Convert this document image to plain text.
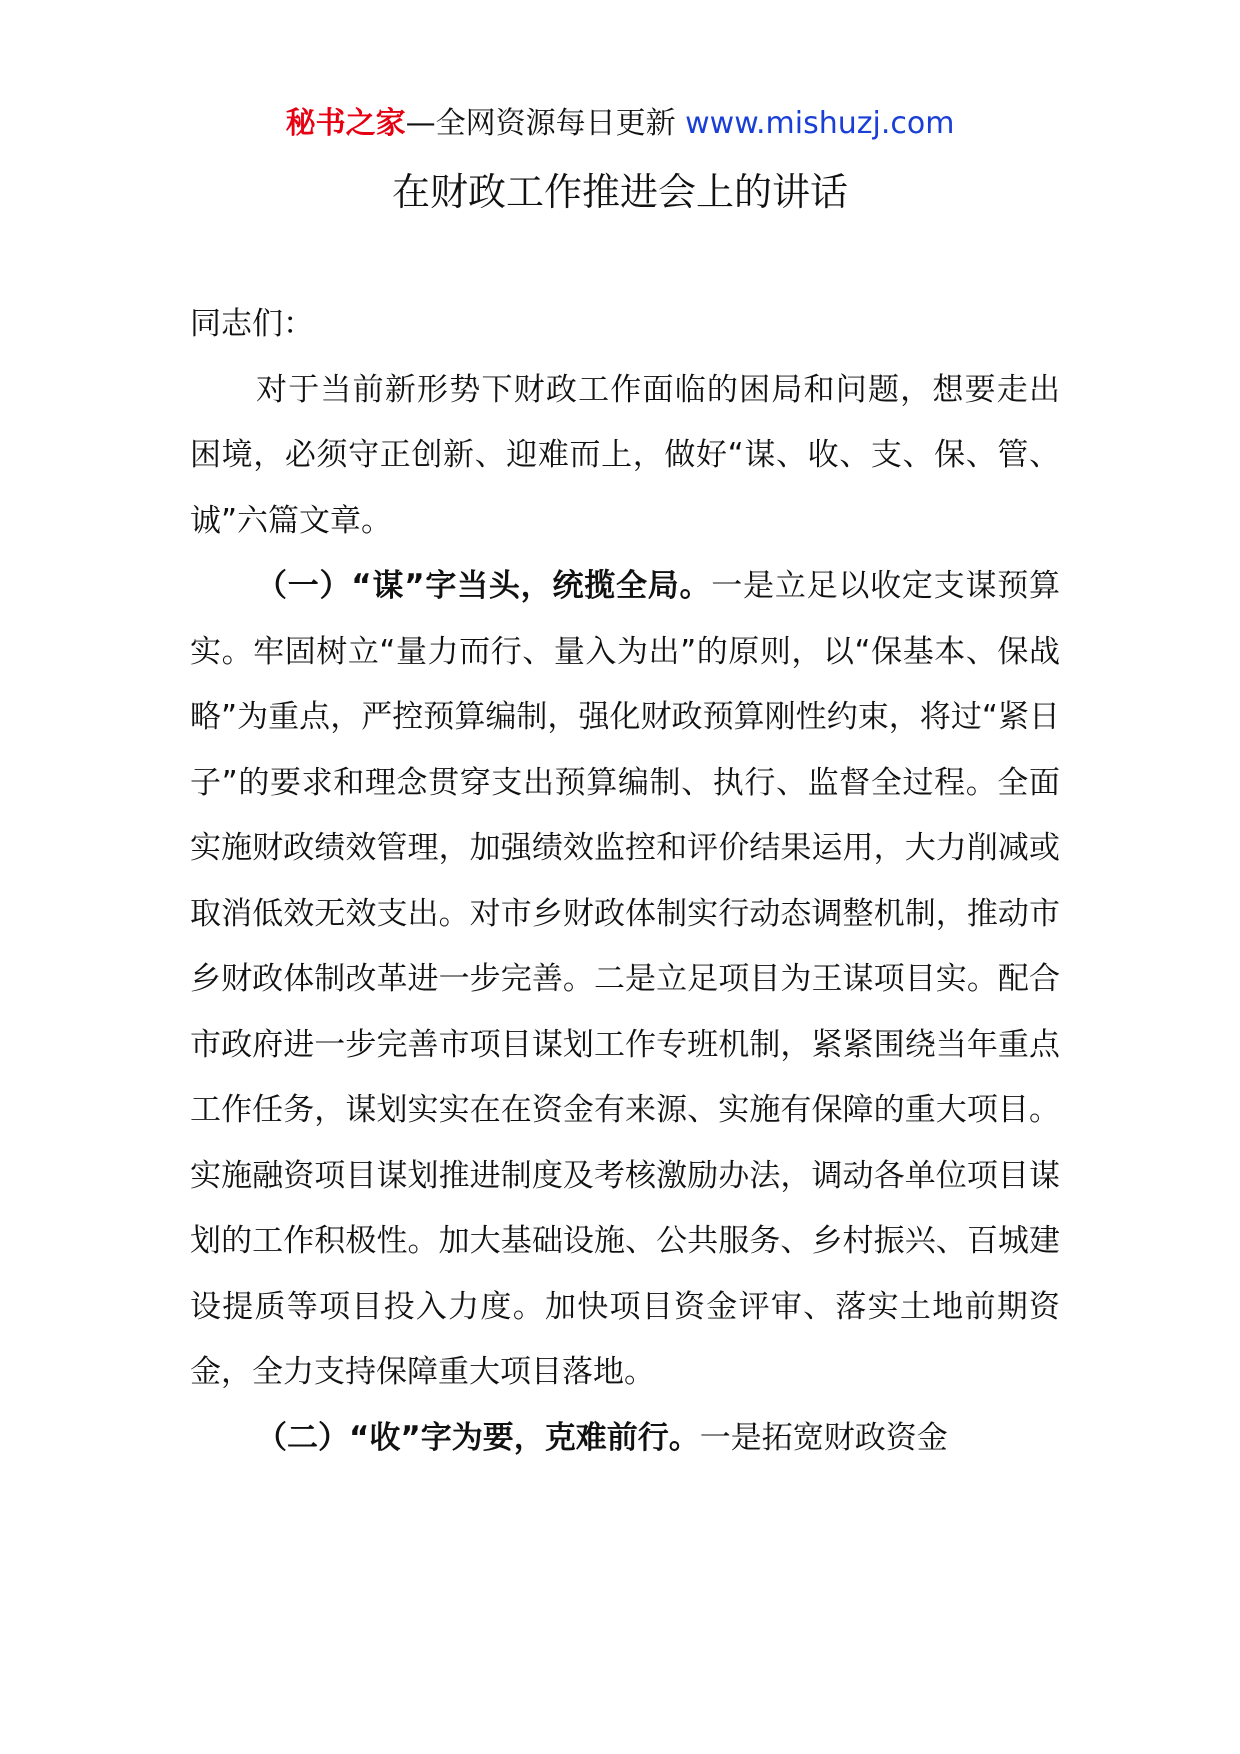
秘书之家—全网资源每日更新 www.mishuzj.com
在财政工作推进会上的讲话

同志们：

对于当前新形势下财政工作面临的困局和问题，想要走出困境，必须守正创新、迎难而上，做好“谋、收、支、保、管、诚”六篇文章。

（一）“谋”字当头，统揽全局。一是立足以收定支谋预算实。牢固树立“量力而行、量入为出”的原则，以“保基本、保战略”为重点，严控预算编制，强化财政预算刚性约束，将过“紧日子”的要求和理念贯穿支出预算编制、执行、监督全过程。全面实施财政绩效管理，加强绩效监控和评价结果运用，大力削减或取消低效无效支出。对市乡财政体制实行动态调整机制，推动市乡财政体制改革进一步完善。二是立足项目为王谋项目实。配合市政府进一步完善市项目谋划工作专班机制，紧紧围绕当年重点工作任务，谋划实实在在资金有来源、实施有保障的重大项目。实施融资项目谋划推进制度及考核激励办法，调动各单位项目谋划的工作积极性。加大基础设施、公共服务、乡村振兴、百城建设提质等项目投入力度。加快项目资金评审、落实土地前期资金，全力支持保障重大项目落地。

（二）“收”字为要，克难前行。一是拓宽财政资金
